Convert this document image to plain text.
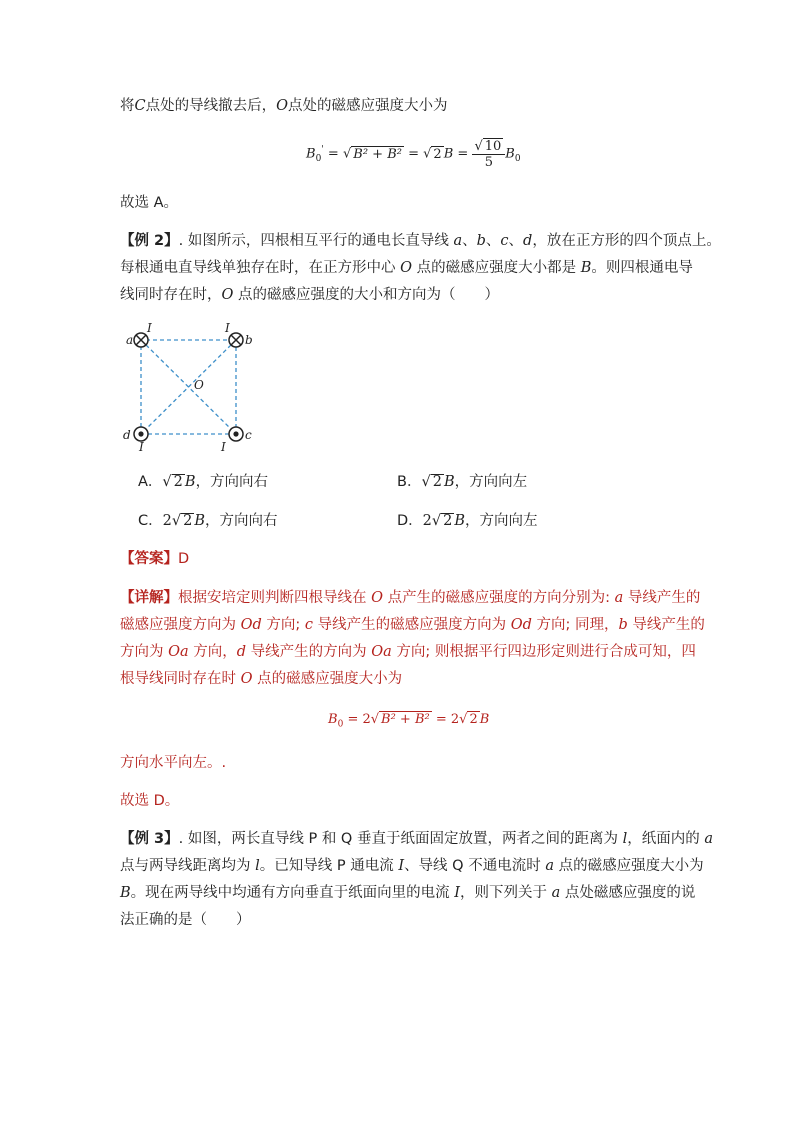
将C点处的导线撤去后，O点处的磁感应强度大小为
$B_0'$ = √ B² + B² = √ 2 $B = \frac{√ 10}{5} B_0$
故选 A。
【例 2】. 如图所示，四根相互平行的通电长直导线 a、b、c、d，放在正方形的四个顶点上。
每根通电直导线单独存在时，在正方形中心 O 点的磁感应强度大小都是 B。则四根通电导
线同时存在时，O 点的磁感应强度的大小和方向为（　　）
a
I	I
b
O
d
I	I
c
A．√ 2 B，方向向右	B．√ 2 B，方向向左
C．2√ 2 B，方向向右	D．2√ 2 B，方向向左
【答案】D
【详解】根据安培定则判断四根导线在 O 点产生的磁感应强度的方向分别为: a 导线产生的
磁感应强度方向为 Od 方向; c 导线产生的磁感应强度方向为 Od 方向; 同理，b 导线产生的
方向为 Oa 方向，d 导线产生的方向为 Oa 方向; 则根据平行四边形定则进行合成可知，四
根导线同时存在时 O 点的磁感应强度大小为
$B_0 = 2√$ B² + B² = 2√ 2 B
方向水平向左。.
故选 D。
【例 3】. 如图，两长直导线 P 和 Q 垂直于纸面固定放置，两者之间的距离为 l，纸面内的 a
点与两导线距离均为 l。已知导线 P 通电流 I、导线 Q 不通电流时 a 点的磁感应强度大小为
B。现在两导线中均通有方向垂直于纸面向里的电流 I，则下列关于 a 点处磁感应强度的说
法正确的是（　　）
